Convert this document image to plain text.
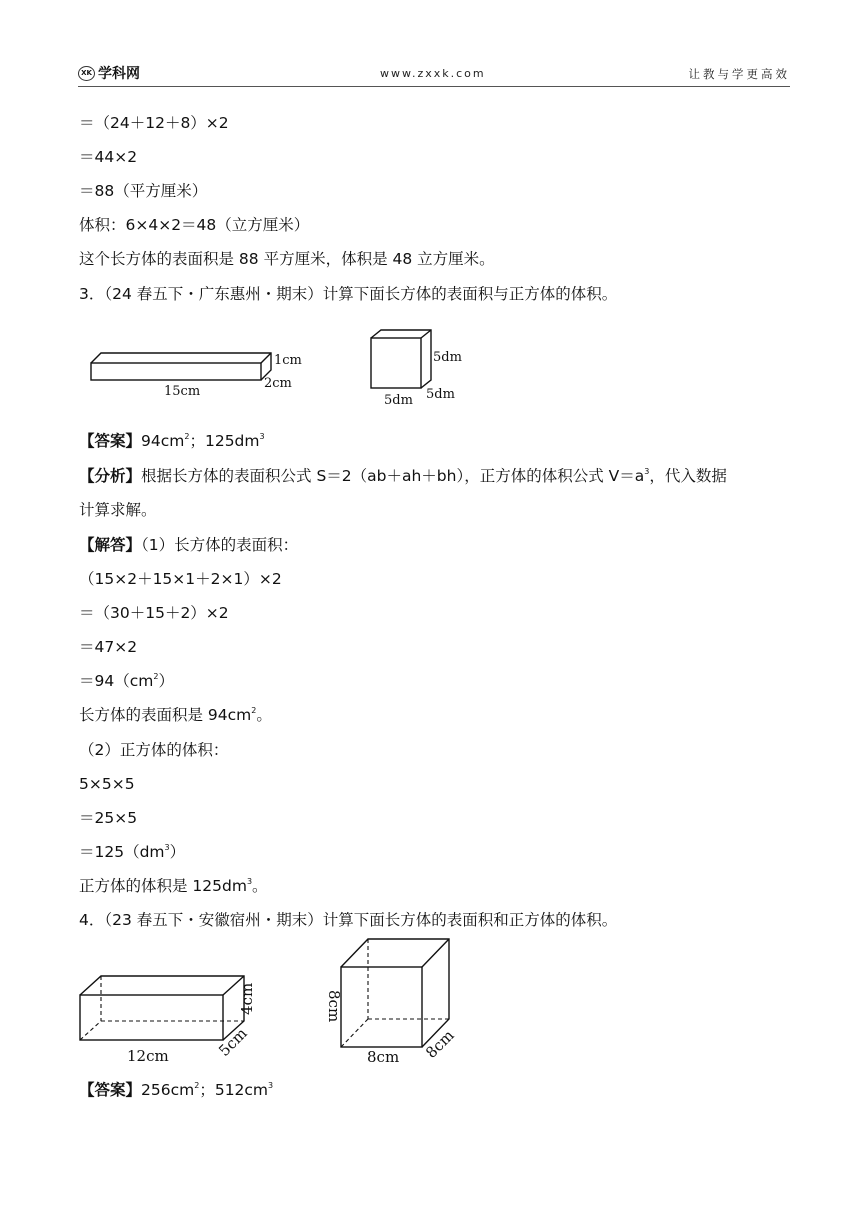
XK 学科网	www.zxxk.com	让教与学更高效
＝（24＋12＋8）×2
＝44×2
＝88（平方厘米）
体积：6×4×2＝48（立方厘米）
这个长方体的表面积是 88 平方厘米，体积是 48 立方厘米。
3．（24 春五下・广东惠州・期末）计算下面长方体的表面积与正方体的体积。
15cm
2cm
1cm	5dm
5dm
5dm
【答案】$94cm^2$；$125dm^3$
【分析】根据长方体的表面积公式 S＝2（ab＋ah＋bh），正方体的体积公式 $V=a^3$，代入数据
计算求解。
【解答】（1）长方体的表面积：
（15×2＋15×1＋2×1）×2
＝（30＋15＋2）×2
＝47×2
$=94(cm^2)$
长方体的表面积是 $94cm^2$。
（2）正方体的体积：
5×5×5
＝25×5
$=125(dm^3)$
正方体的体积是 $125dm^3$。
4．（23 春五下・安徽宿州・期末）计算下面长方体的表面积和正方体的体积。
12cm	5cm
4cm
8cm 8cm
8cm
【答案】$256cm^2$；$512cm^3$
